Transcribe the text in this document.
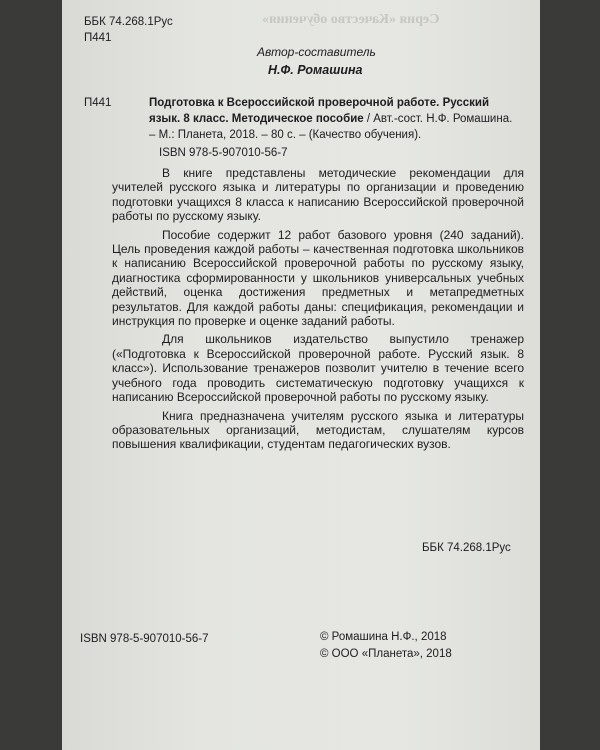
Серия «Качество обучения»
ББК 74.268.1Рус
П441
Автор-составитель
Н.Ф. Ромашина
П441	Подготовка к Всероссийской проверочной работе. Русский язык. 8 класс. Методическое пособие / Авт.-сост. Н.Ф. Ромашина. – М.: Планета, 2018. – 80 с. – (Качество обучения).
ISBN 978-5-907010-56-7

В книге представлены методические рекомендации для учителей русского языка и литературы по организации и проведению подготовки учащихся 8 класса к написанию Всероссийской проверочной работы по русскому языку.

Пособие содержит 12 работ базового уровня (240 заданий). Цель проведения каждой работы – качественная подготовка школьников к написанию Всероссийской проверочной работы по русскому языку, диагностика сформированности у школьников универсальных учебных действий, оценка достижения предметных и метапредметных результатов. Для каждой работы даны: спецификация, рекомендации и инструкция по проверке и оценке заданий работы.

Для школьников издательство выпустило тренажер («Подготовка к Всероссийской проверочной работе. Русский язык. 8 класс»). Использование тренажеров позволит учителю в течение всего учебного года проводить систематическую подготовку учащихся к написанию Всероссийской проверочной работы по русскому языку.

Книга предназначена учителям русского языка и литературы образовательных организаций, методистам, слушателям курсов повышения квалификации, студентам педагогических вузов.

ББК 74.268.1Рус
ISBN 978-5-907010-56-7	© Ромашина Н.Ф., 2018
© ООО «Планета», 2018
